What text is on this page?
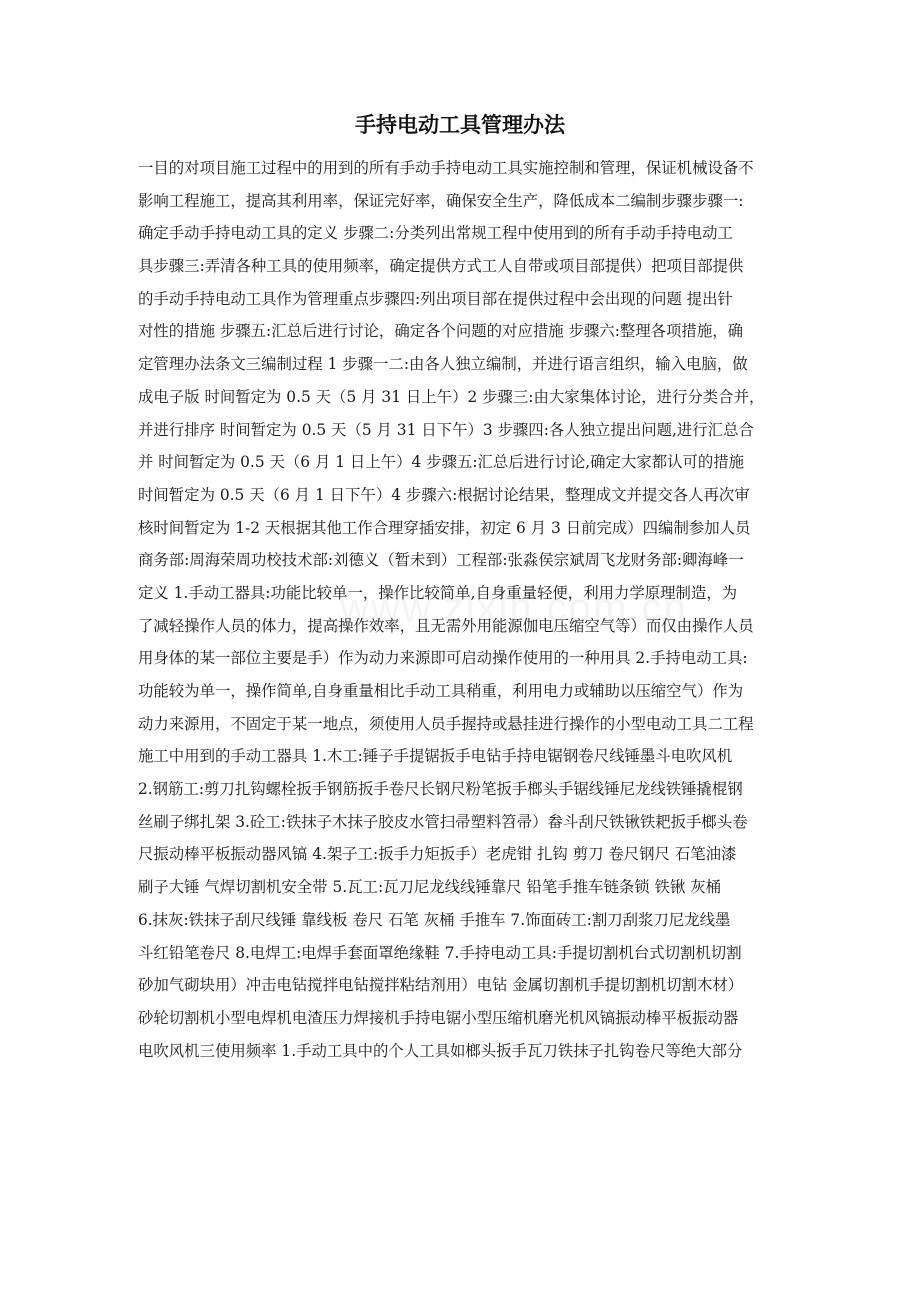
手持电动工具管理办法
一目的对项目施工过程中的用到的所有手动手持电动工具实施控制和管理，保证机械设备不
影响工程施工，提高其利用率，保证完好率，确保安全生产，降低成本二编制步骤步骤一:
确定手动手持电动工具的定义 步骤二:分类列出常规工程中使用到的所有手动手持电动工
具步骤三:弄清各种工具的使用频率，确定提供方式工人自带或项目部提供）把项目部提供
的手动手持电动工具作为管理重点步骤四:列出项目部在提供过程中会出现的问题 提出针
对性的措施 步骤五:汇总后进行讨论，确定各个问题的对应措施 步骤六:整理各项措施，确
定管理办法条文三编制过程 1 步骤一二:由各人独立编制，并进行语言组织，输入电脑，做
成电子版 时间暂定为 0.5 天（5 月 31 日上午）2 步骤三:由大家集体讨论，进行分类合并，
并进行排序 时间暂定为 0.5 天（5 月 31 日下午）3 步骤四:各人独立提出问题,进行汇总合
并 时间暂定为 0.5 天（6 月 1 日上午）4 步骤五:汇总后进行讨论,确定大家都认可的措施
时间暂定为 0.5 天（6 月 1 日下午）4 步骤六:根据讨论结果，整理成文并提交各人再次审
核时间暂定为 1-2 天根据其他工作合理穿插安排，初定 6 月 3 日前完成）四编制参加人员
商务部:周海荣周功校技术部:刘德义（暂未到）工程部:张淼侯宗斌周飞龙财务部:卿海峰一
定义 1.手动工器具:功能比较单一，操作比较简单,自身重量轻便，利用力学原理制造，为
了减轻操作人员的体力，提高操作效率，且无需外用能源伽电压缩空气等）而仅由操作人员
用身体的某一部位主要是手）作为动力来源即可启动操作使用的一种用具 2.手持电动工具:
功能较为单一，操作简单,自身重量相比手动工具稍重，利用电力或辅助以压缩空气）作为
动力来源用，不固定于某一地点，须使用人员手握持或悬挂进行操作的小型电动工具二工程
施工中用到的手动工器具 1.木工:锤子手提锯扳手电钻手持电锯钢卷尺线锤墨斗电吹风机
2.钢筋工:剪刀扎钩螺栓扳手钢筋扳手卷尺长钢尺粉笔扳手榔头手锯线锤尼龙线铁锤撬棍钢
丝刷子绑扎架 3.砼工:铁抹子木抹子胶皮水管扫帚塑料笤帚）畚斗刮尺铁锹铁耙扳手榔头卷
尺振动棒平板振动器风镐 4.架子工:扳手力矩扳手）老虎钳 扎钩 剪刀 卷尺钢尺 石笔油漆
刷子大锤 气焊切割机安全带 5.瓦工:瓦刀尼龙线线锤靠尺 铅笔手推车链条锁 铁锹 灰桶
6.抹灰:铁抹子刮尺线锤 靠线板 卷尺 石笔 灰桶 手推车 7.饰面砖工:割刀刮浆刀尼龙线墨
斗红铅笔卷尺 8.电焊工:电焊手套面罩绝缘鞋 7.手持电动工具:手提切割机台式切割机切割
砂加气砌块用）冲击电钻搅拌电钻搅拌粘结剂用）电钻 金属切割机手提切割机切割木材）
砂轮切割机小型电焊机电渣压力焊接机手持电锯小型压缩机磨光机风镐振动棒平板振动器
电吹风机三使用频率 1.手动工具中的个人工具如榔头扳手瓦刀铁抹子扎钩卷尺等绝大部分
